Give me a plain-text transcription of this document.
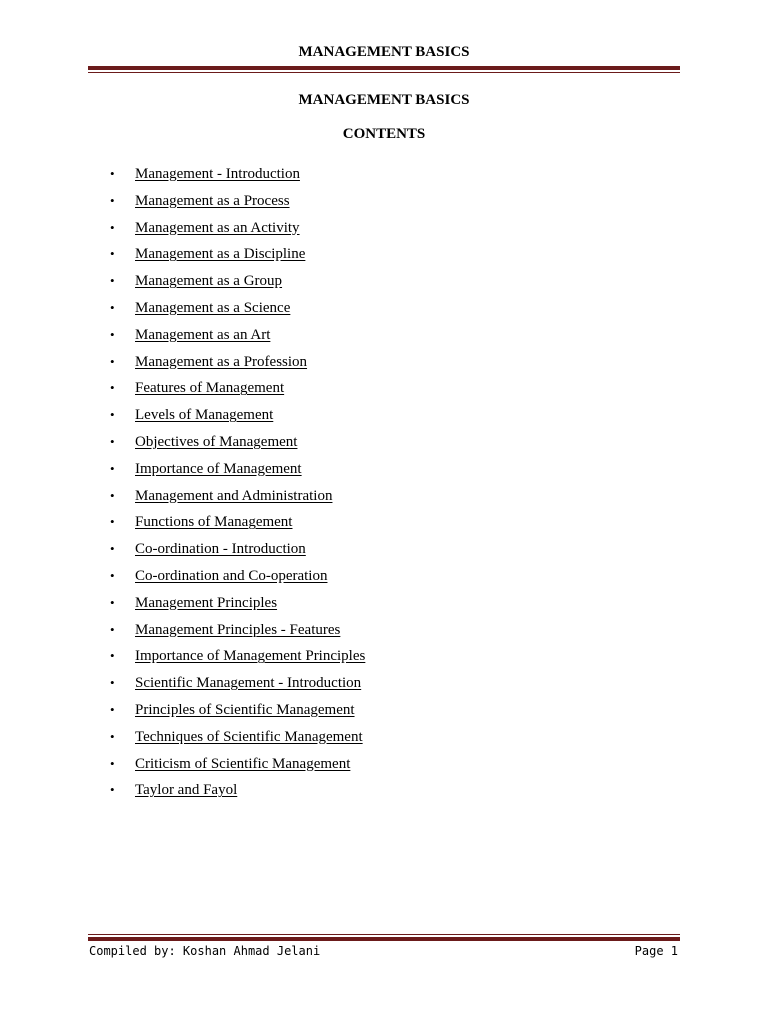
MANAGEMENT BASICS
MANAGEMENT BASICS
CONTENTS
•	Management - Introduction
•	Management as a Process
•	Management as an Activity
•	Management as a Discipline
•	Management as a Group
•	Management as a Science
•	Management as an Art
•	Management as a Profession
•	Features of Management
•	Levels of Management
•	Objectives of Management
•	Importance of Management
•	Management and Administration
•	Functions of Management
•	Co-ordination - Introduction
•	Co-ordination and Co-operation
•	Management Principles
•	Management Principles - Features
•	Importance of Management Principles
•	Scientific Management - Introduction
•	Principles of Scientific Management
•	Techniques of Scientific Management
•	Criticism of Scientific Management
•	Taylor and Fayol
Compiled by: Koshan Ahmad Jelani	Page 1
